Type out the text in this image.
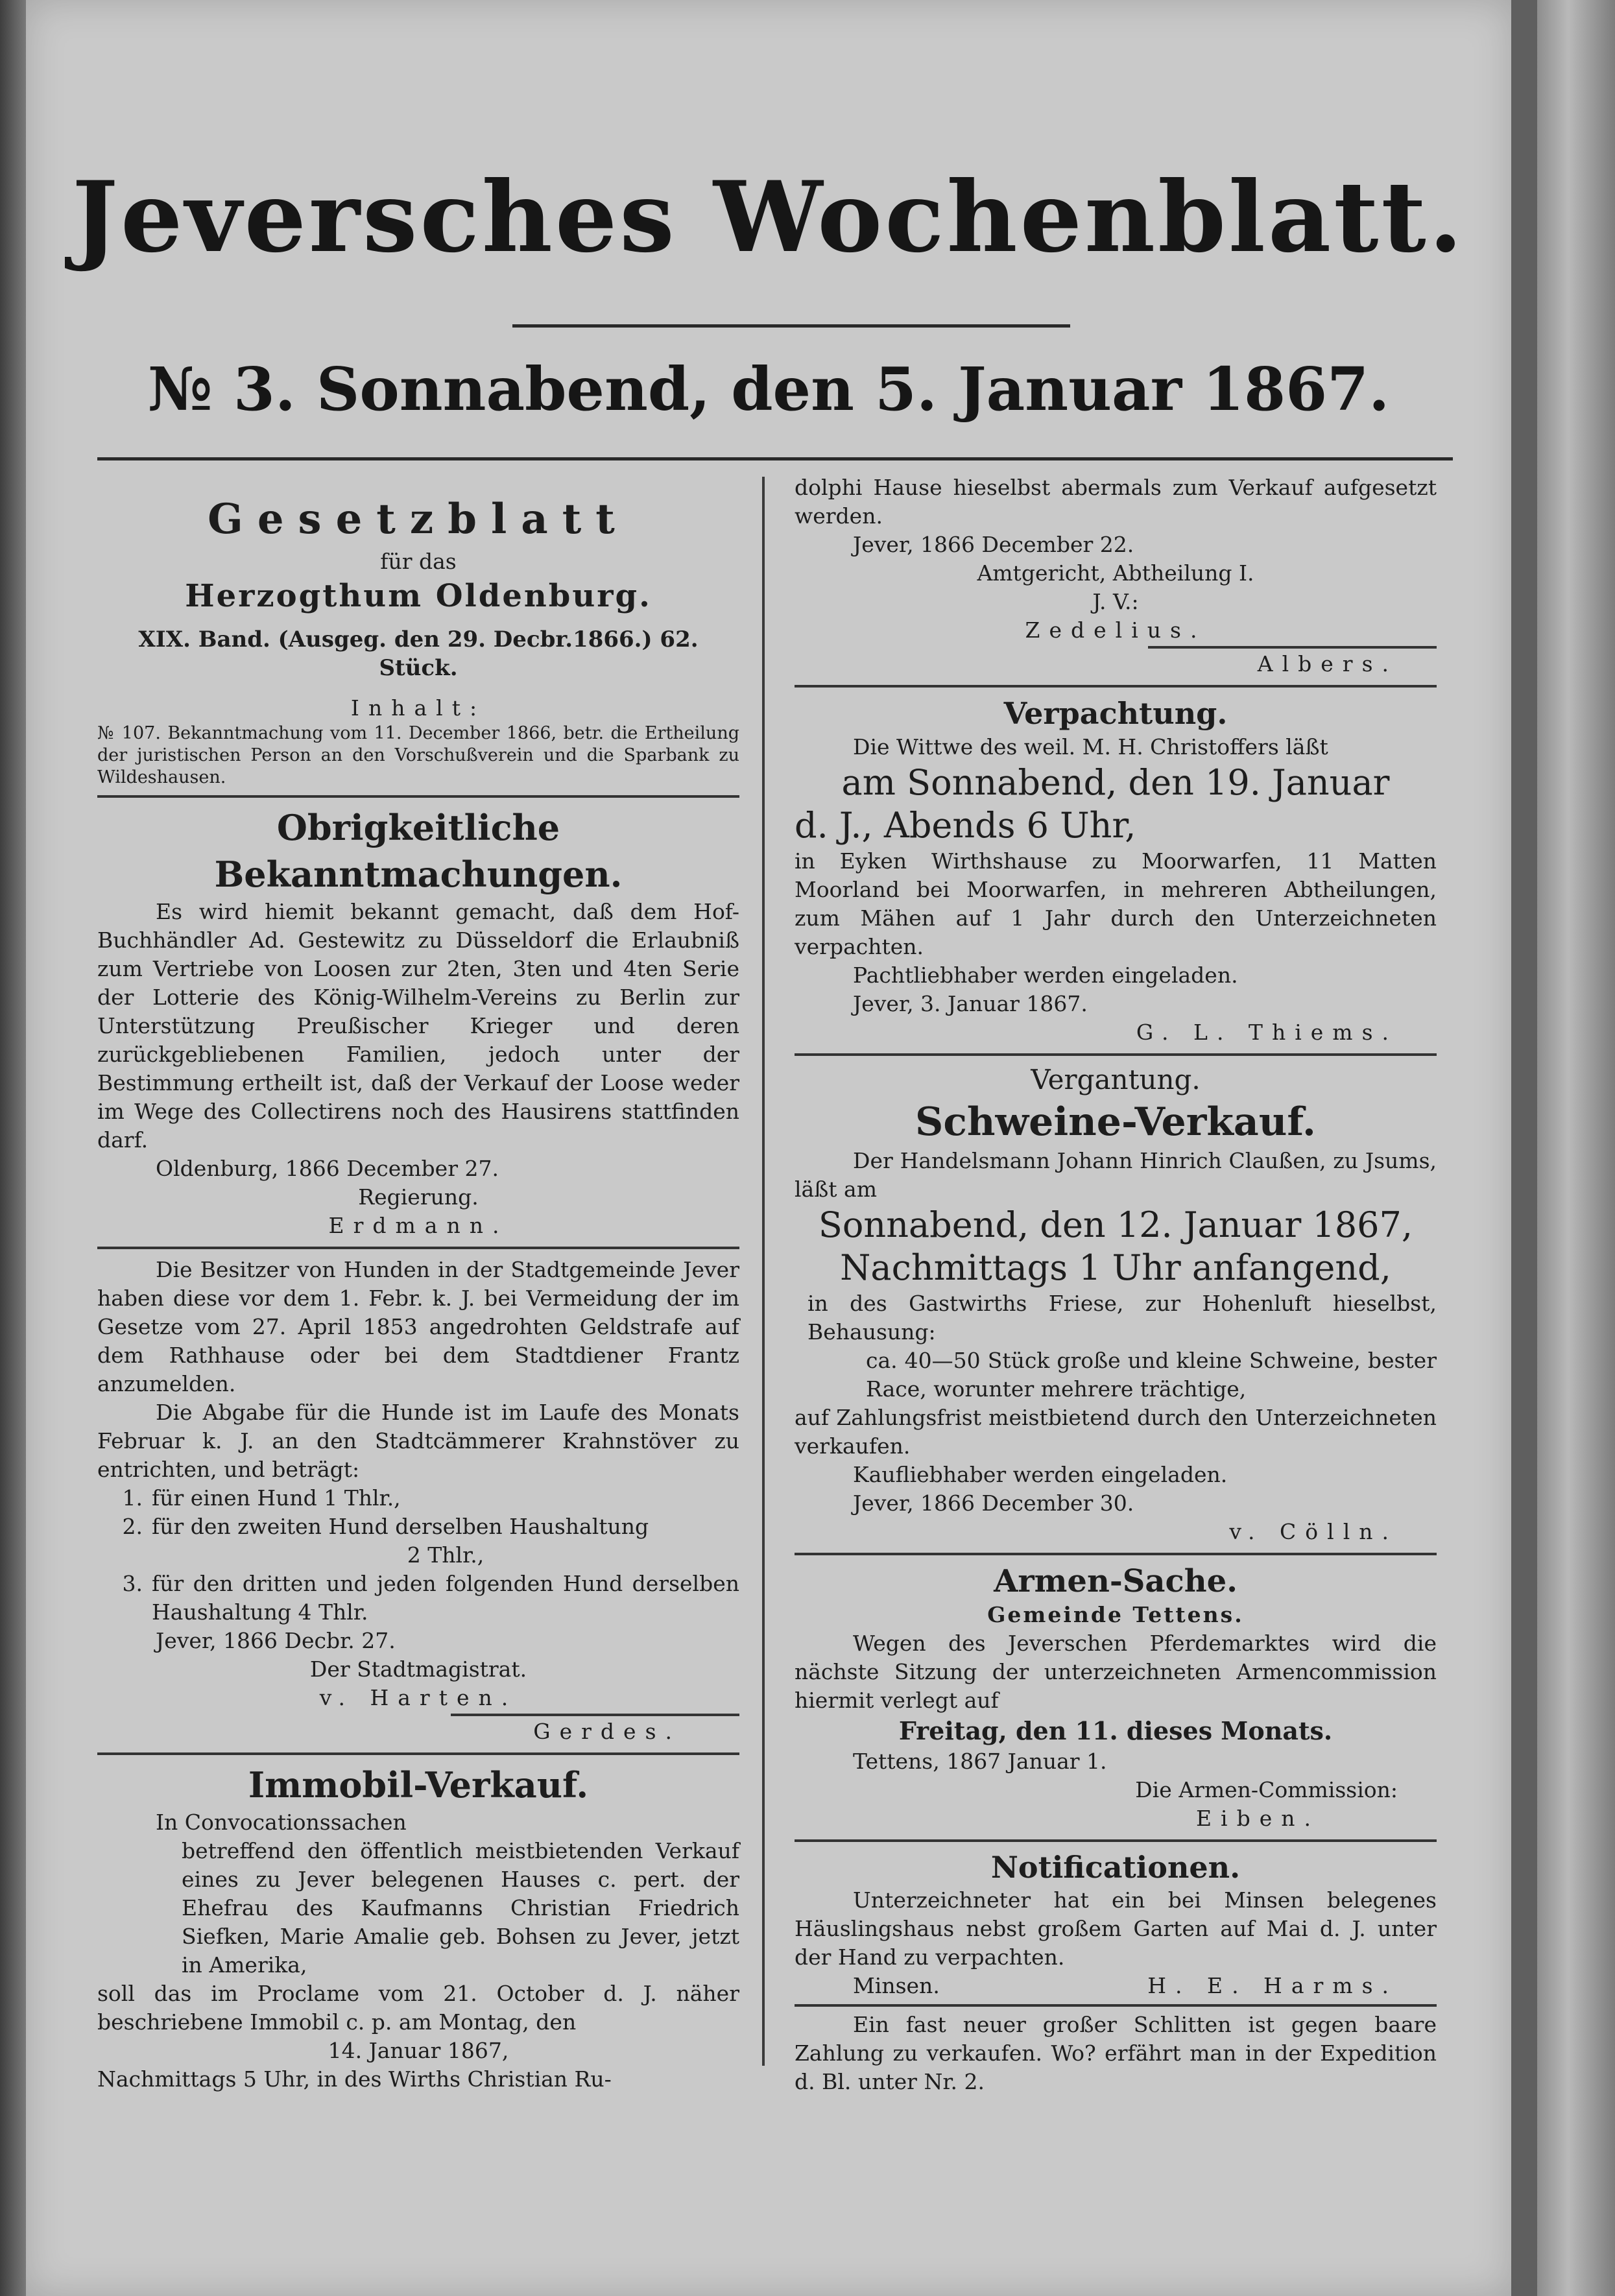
Jeversches Wochenblatt.
№ 3. Sonnabend, den 5. Januar 1867.
Gesetzblatt
für das
Herzogthum Oldenburg.
XIX. Band. (Ausgeg. den 29. Decbr.1866.) 62. Stück.
Inhalt:
№ 107. Bekanntmachung vom 11. December 1866, betr. die Ertheilung der juristischen Person an den Vorschußverein und die Sparbank zu Wildeshausen.
Obrigkeitliche Bekanntmachungen.
Es wird hiemit bekannt gemacht, daß dem Hof-Buchhändler Ad. Gestewitz zu Düsseldorf die Erlaubniß zum Vertriebe von Loosen zur 2ten, 3ten und 4ten Serie der Lotterie des König-Wilhelm-Vereins zu Berlin zur Unterstützung Preußischer Krieger und deren zurückgebliebenen Familien, jedoch unter der Bestimmung ertheilt ist, daß der Verkauf der Loose weder im Wege des Collectirens noch des Hausirens stattfinden darf.
Oldenburg, 1866 December 27.
Regierung.
Erdmann.
Die Besitzer von Hunden in der Stadtgemeinde Jever haben diese vor dem 1. Febr. k. J. bei Vermeidung der im Gesetze vom 27. April 1853 angedrohten Geldstrafe auf dem Rathhause oder bei dem Stadtdiener Frantz anzumelden.
Die Abgabe für die Hunde ist im Laufe des Monats Februar k. J. an den Stadtcämmerer Krahnstöver zu entrichten, und beträgt:
1. für einen Hund 1 Thlr.,
2. für den zweiten Hund derselben Haushaltung
2 Thlr.,
3. für den dritten und jeden folgenden Hund derselben Haushaltung 4 Thlr.
Jever, 1866 Decbr. 27.
Der Stadtmagistrat.
v. Harten.
Gerdes.
Immobil-Verkauf.
In Convocationssachen
betreffend den öffentlich meistbietenden Verkauf eines zu Jever belegenen Hauses c. pert. der Ehefrau des Kaufmanns Christian Friedrich Siefken, Marie Amalie geb. Bohsen zu Jever, jetzt in Amerika,
soll das im Proclame vom 21. October d. J. näher beschriebene Immobil c. p. am Montag, den
14. Januar 1867,
Nachmittags 5 Uhr, in des Wirths Christian Ru-
dolphi Hause hieselbst abermals zum Verkauf aufgesetzt werden.
Jever, 1866 December 22.
Amtgericht, Abtheilung I.
J. V.:
Zedelius.
Albers.
Verpachtung.
Die Wittwe des weil. M. H. Christoffers läßt
am Sonnabend, den 19. Januar
d. J., Abends 6 Uhr,
in Eyken Wirthshause zu Moorwarfen, 11 Matten Moorland bei Moorwarfen, in mehreren Abtheilungen, zum Mähen auf 1 Jahr durch den Unterzeichneten verpachten.
Pachtliebhaber werden eingeladen.
Jever, 3. Januar 1867.
G. L. Thiems.
Vergantung.
Schweine-Verkauf.
Der Handelsmann Johann Hinrich Claußen, zu Jsums, läßt am
Sonnabend, den 12. Januar 1867,
Nachmittags 1 Uhr anfangend,
in des Gastwirths Friese, zur Hohenluft hieselbst, Behausung:
ca. 40—50 Stück große und kleine Schweine, bester Race, worunter mehrere trächtige,
auf Zahlungsfrist meistbietend durch den Unterzeichneten verkaufen.
Kaufliebhaber werden eingeladen.
Jever, 1866 December 30.
v. Cölln.
Armen-Sache.
Gemeinde Tettens.
Wegen des Jeverschen Pferdemarktes wird die nächste Sitzung der unterzeichneten Armencommission hiermit verlegt auf
Freitag, den 11. dieses Monats.
Tettens, 1867 Januar 1.
Die Armen-Commission:
Eiben.
Notificationen.
Unterzeichneter hat ein bei Minsen belegenes Häuslingshaus nebst großem Garten auf Mai d. J. unter der Hand zu verpachten.
Minsen.	H. E. Harms.
Ein fast neuer großer Schlitten ist gegen baare Zahlung zu verkaufen. Wo? erfährt man in der Expedition d. Bl. unter Nr. 2.
